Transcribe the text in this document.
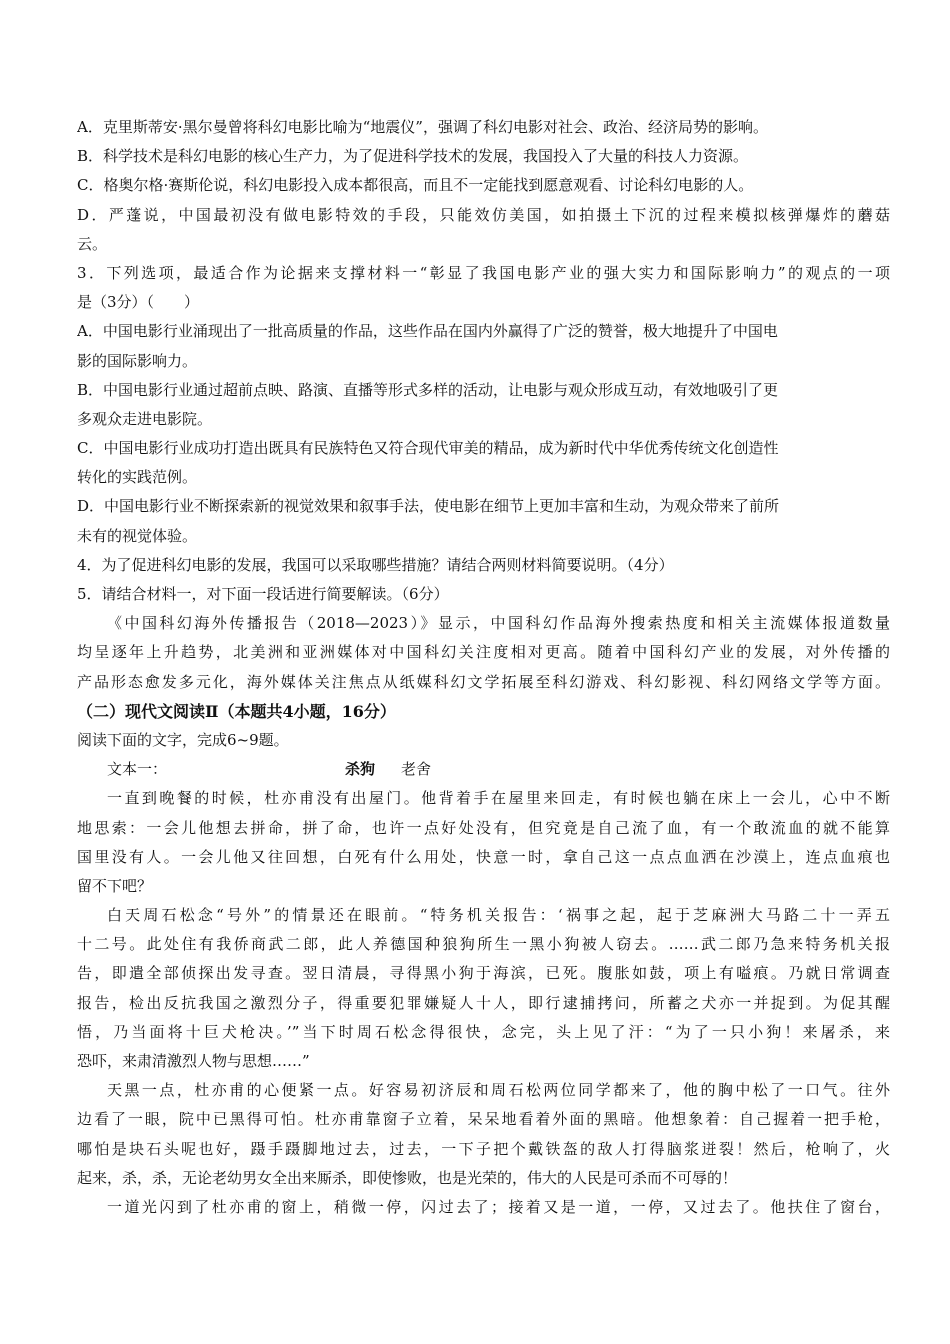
A．克里斯蒂安·黑尔曼曾将科幻电影比喻为“地震仪”，强调了科幻电影对社会、政治、经济局势的影响。
B．科学技术是科幻电影的核心生产力，为了促进科学技术的发展，我国投入了大量的科技人力资源。
C．格奥尔格·赛斯伦说，科幻电影投入成本都很高，而且不一定能找到愿意观看、讨论科幻电影的人。
D．严蓬说，中国最初没有做电影特效的手段，只能效仿美国，如拍摄土下沉的过程来模拟核弹爆炸的蘑菇
云。
3．下列选项，最适合作为论据来支撑材料一“彰显了我国电影产业的强大实力和国际影响力”的观点的一项
是（3分）（　　）
A．中国电影行业涌现出了一批高质量的作品，这些作品在国内外赢得了广泛的赞誉，极大地提升了中国电
影的国际影响力。
B．中国电影行业通过超前点映、路演、直播等形式多样的活动，让电影与观众形成互动，有效地吸引了更
多观众走进电影院。
C．中国电影行业成功打造出既具有民族特色又符合现代审美的精品，成为新时代中华优秀传统文化创造性
转化的实践范例。
D．中国电影行业不断探索新的视觉效果和叙事手法，使电影在细节上更加丰富和生动，为观众带来了前所
未有的视觉体验。
4．为了促进科幻电影的发展，我国可以采取哪些措施？请结合两则材料简要说明。（4分）
5．请结合材料一，对下面一段话进行简要解读。（6分）
《中国科幻海外传播报告（2018—2023）》显示，中国科幻作品海外搜索热度和相关主流媒体报道数量
均呈逐年上升趋势，北美洲和亚洲媒体对中国科幻关注度相对更高。随着中国科幻产业的发展，对外传播的
产品形态愈发多元化，海外媒体关注焦点从纸媒科幻文学拓展至科幻游戏、科幻影视、科幻网络文学等方面。
（二）现代文阅读Ⅱ（本题共4小题，16分）
阅读下面的文字，完成6~9题。
文本一：	杀狗 老舍
一直到晚餐的时候，杜亦甫没有出屋门。他背着手在屋里来回走，有时候也躺在床上一会儿，心中不断
地思索：一会儿他想去拼命，拼了命，也许一点好处没有，但究竟是自己流了血，有一个敢流血的就不能算
国里没有人。一会儿他又往回想，白死有什么用处，快意一时，拿自己这一点点血洒在沙漠上，连点血痕也
留不下吧？
白天周石松念“号外”的情景还在眼前。“特务机关报告：‘祸事之起，起于芝麻洲大马路二十一弄五
十二号。此处住有我侨商武二郎，此人养德国种狼狗所生一黑小狗被人窃去。……武二郎乃急来特务机关报
告，即遣全部侦探出发寻查。翌日清晨，寻得黑小狗于海滨，已死。腹胀如鼓，项上有嗌痕。乃就日常调查
报告，检出反抗我国之激烈分子，得重要犯罪嫌疑人十人，即行逮捕拷问，所蓄之犬亦一并捉到。为促其醒
悟，乃当面将十巨犬枪决。’”当下时周石松念得很快，念完，头上见了汗：“为了一只小狗！来屠杀，来
恐吓，来肃清激烈人物与思想……”
天黑一点，杜亦甫的心便紧一点。好容易初济辰和周石松两位同学都来了，他的胸中松了一口气。往外
边看了一眼，院中已黑得可怕。杜亦甫靠窗子立着，呆呆地看着外面的黑暗。他想象着：自己握着一把手枪，
哪怕是块石头呢也好，蹑手蹑脚地过去，过去，一下子把个戴铁盔的敌人打得脑浆迸裂！然后，枪响了，火
起来，杀，杀，无论老幼男女全出来厮杀，即使惨败，也是光荣的，伟大的人民是可杀而不可辱的！
一道光闪到了杜亦甫的窗上，稍微一停，闪过去了；接着又是一道，一停，又过去了。他扶住了窗台，
